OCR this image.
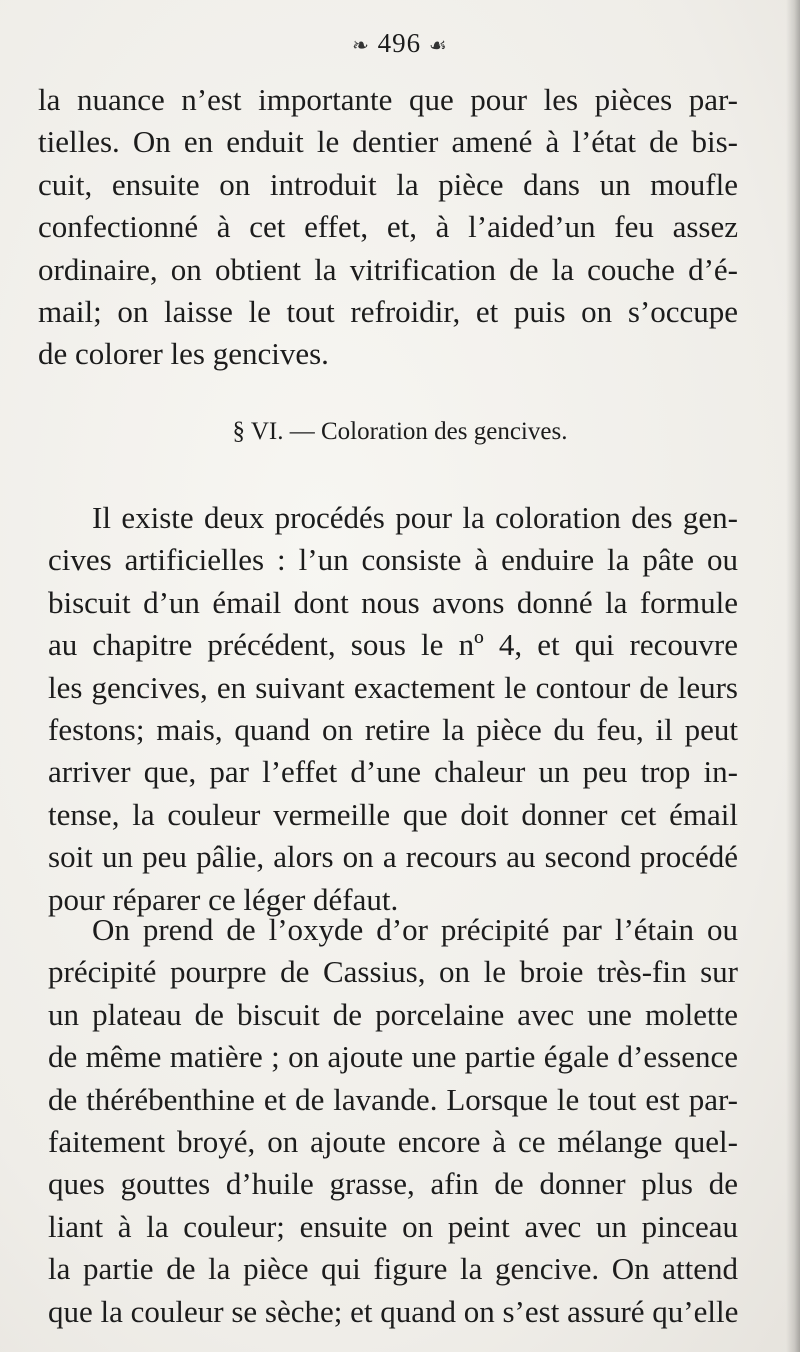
❧ 496 ☙
la nuance n’est importante que pour les pièces par-
tielles. On en enduit le dentier amené à l’état de bis-
cuit, ensuite on introduit la pièce dans un moufle
confectionné à cet effet, et, à l’aided’un feu assez
ordinaire, on obtient la vitrification de la couche d’é-
mail; on laisse le tout refroidir, et puis on s’occupe
de colorer les gencives.
§ VI. — Coloration des gencives.
Il existe deux procédés pour la coloration des gen-
cives artificielles : l’un consiste à enduire la pâte ou
biscuit d’un émail dont nous avons donné la formule
au chapitre précédent, sous le nº 4, et qui recouvre
les gencives, en suivant exactement le contour de leurs
festons; mais, quand on retire la pièce du feu, il peut
arriver que, par l’effet d’une chaleur un peu trop in-
tense, la couleur vermeille que doit donner cet émail
soit un peu pâlie, alors on a recours au second procédé
pour réparer ce léger défaut.
On prend de l’oxyde d’or précipité par l’étain ou
précipité pourpre de Cassius, on le broie très-fin sur
un plateau de biscuit de porcelaine avec une molette
de même matière ; on ajoute une partie égale d’essence
de thérébenthine et de lavande. Lorsque le tout est par-
faitement broyé, on ajoute encore à ce mélange quel-
ques gouttes d’huile grasse, afin de donner plus de
liant à la couleur; ensuite on peint avec un pinceau
la partie de la pièce qui figure la gencive. On attend
que la couleur se sèche; et quand on s’est assuré qu’elle
